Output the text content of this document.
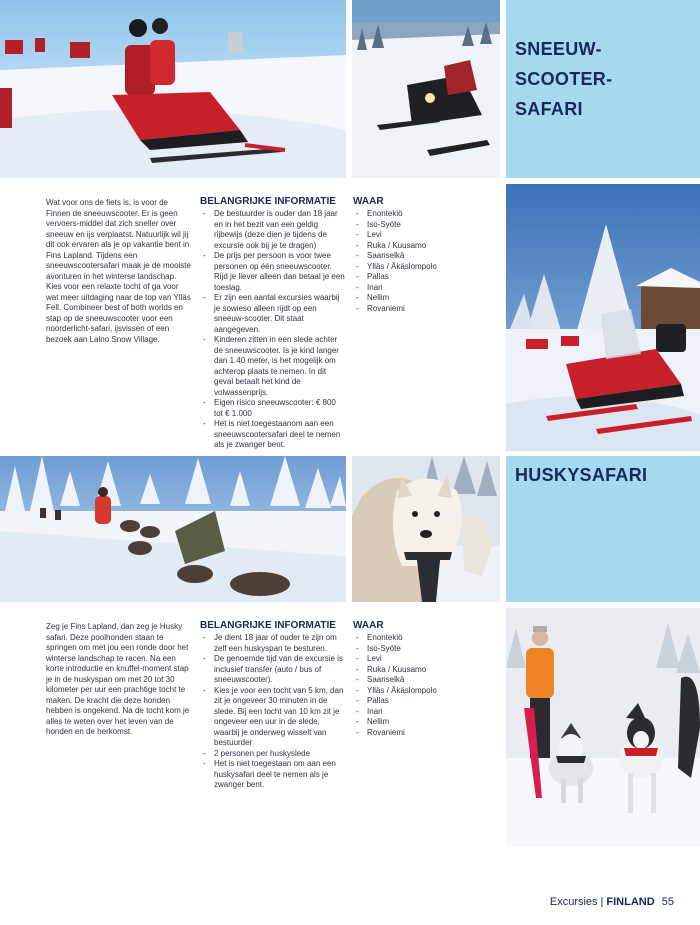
SNEEUW-
SCOOTER-
SAFARI

Wat voor ons de fiets is, is voor de Finnen de sneeuwscooter. Er is geen vervoers-middel dat zich sneller over sneeuw en ijs verplaatst. Natuurlijk wil jij dit ook ervaren als je op vakantie bent in Fins Lapland. Tijdens een sneeuwscootersafari maak je de mooiste avonturen in het winterse landschap. Kies voor een relaxte tocht of ga voor wat meer uitdaging naar de top van Ylläs Fell. Combineer best of both worlds en stap op de sneeuwscooter voor een noorderlicht-safari, ijsvissen of een bezoek aan Laino Snow Village.

BELANGRIJKE INFORMATIE
- De bestuurder is ouder dan 18 jaar en in het bezit van een geldig rijbewijs (deze dien je tijdens de excursie ook bij je te dragen)
- De prijs per persoon is voor twee personen op één sneeuwscooter. Rijd je liever alleen dan betaal je een toeslag.
- Er zijn een aantal excursies waarbij je sowieso alleen rijdt op een sneeuw-scooter. Dit staat aangegeven.
- Kinderen zitten in een slede achter de sneeuwscooter. Is je kind langer dan 1.40 meter, is het mogelijk om achterop plaats te nemen. In dit geval betaalt het kind de volwassenprijs.
- Eigen risico sneeuwscooter: € 800 tot € 1.000
- Het is niet toegestaanom aan een sneeuwscootersafari deel te nemen als je zwanger bent.
WAAR
- Enontekiö
- Iso-Syöte
- Levi
- Ruka / Kuusamo
- Saariselkä
- Ylläs / Äkäslompolo
- Pallas
- Inari
- Nellim
- Rovaniemi
HUSKYSAFARI

Zeg je Fins Lapland, dan zeg je Husky safari. Deze poolhonden staan te springen om met jou een ronde door het winterse landschap te racen. Na een korte introductie en knuffel-moment stap je in de huskyspan om met 20 tot 30 kilometer per uur een prachtige tocht te maken. De kracht die deze honden hebben is ongekend. Na de tocht kom je alles te weten over het leven van de honden en de herkomst.

BELANGRIJKE INFORMATIE
- Je dient 18 jaar of ouder te zijn om zelf een huskyspan te besturen.
- De genoemde tijd van de excursie is inclusief transfer (auto / bus of sneeuwscooter).
- Kies je voor een tocht van 5 km, dan zit je ongeveer 30 minuten in de slede. Bij een tocht van 10 km zit je ongeveer een uur in de slede, waarbij je onderweg wisselt van bestuurder
- 2 personen per huskyslede
- Het is niet toegestaan om aan een huskysafari deel te nemen als je zwanger bent.
WAAR
- Enontekiö
- Iso-Syöte
- Levi
- Ruka / Kuusamo
- Saariselkä
- Ylläs / Äkäslompolo
- Pallas
- Inari
- Nellim
- Rovaniemi
Excursies | FINLAND 55
